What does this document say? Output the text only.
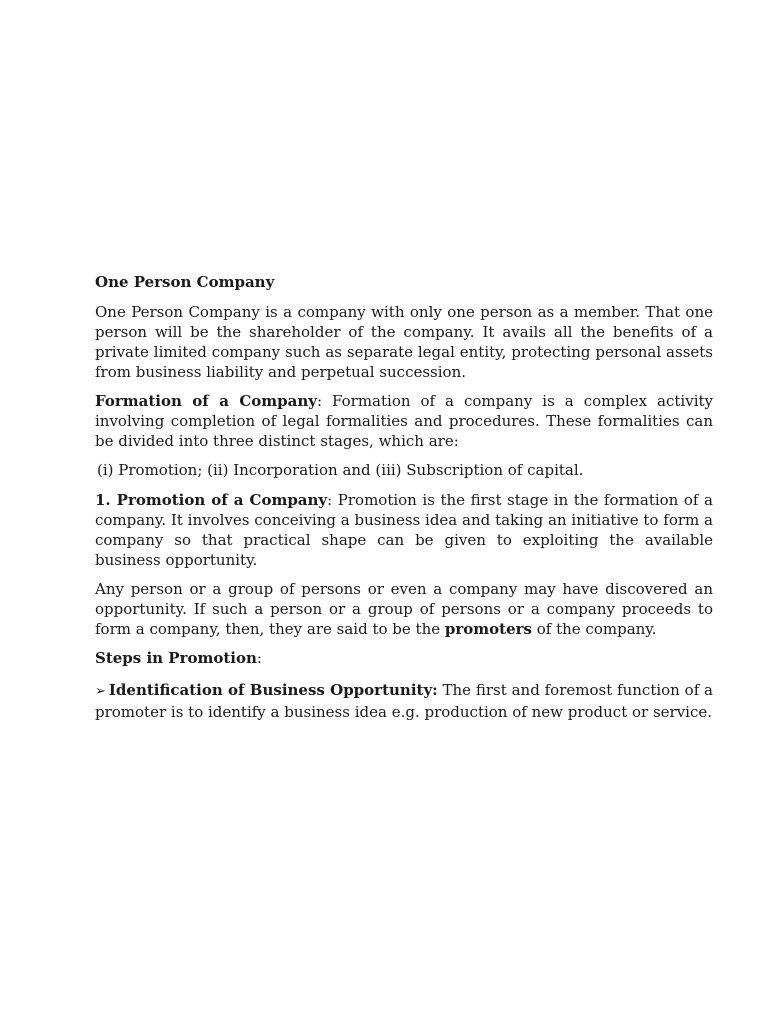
One Person Company

One Person Company is a company with only one person as a member. That one person will be the shareholder of the company. It avails all the benefits of a private limited company such as separate legal entity, protecting personal assets from business liability and perpetual succession.

Formation of a Company: Formation of a company is a complex activity involving completion of legal formalities and procedures. These formalities can be divided into three distinct stages, which are:

(i) Promotion; (ii) Incorporation and (iii) Subscription of capital.

1. Promotion of a Company: Promotion is the first stage in the formation of a company. It involves conceiving a business idea and taking an initiative to form a company so that practical shape can be given to exploiting the available business opportunity.

Any person or a group of persons or even a company may have discovered an opportunity. If such a person or a group of persons or a company proceeds to form a company, then, they are said to be the promoters of the company.

Steps in Promotion:

➢ Identification of Business Opportunity: The first and foremost function of a promoter is to identify a business idea e.g. production of new product or service.
